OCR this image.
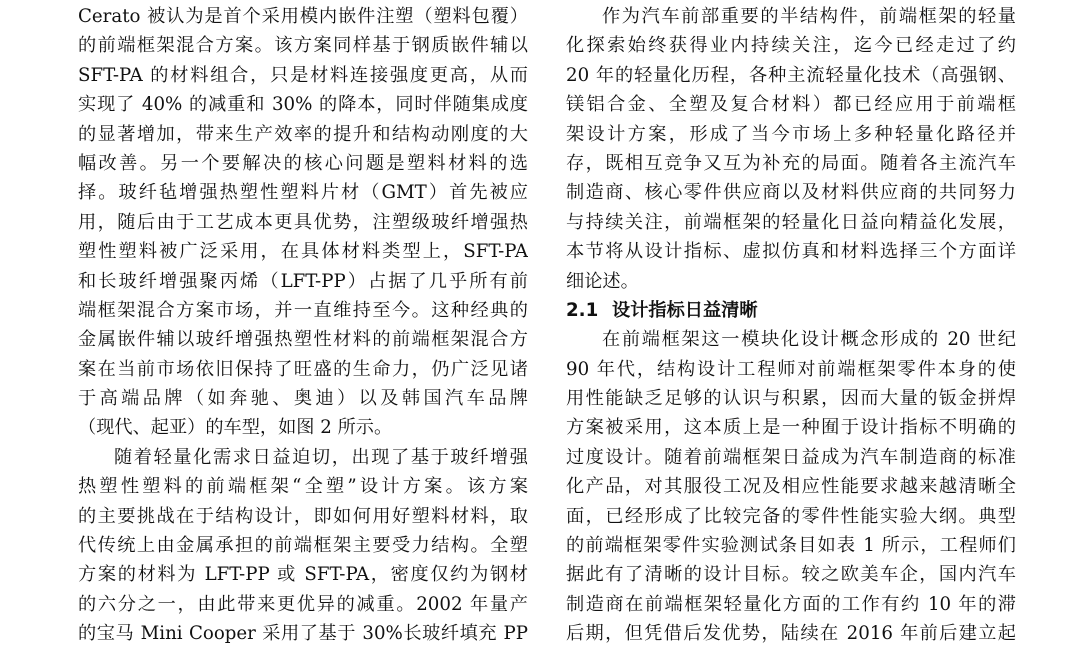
Cerato 被认为是首个采用模内嵌件注塑（塑料包覆）
的前端框架混合方案。该方案同样基于钢质嵌件辅以
SFT-PA 的材料组合，只是材料连接强度更高，从而
实现了 40% 的减重和 30% 的降本，同时伴随集成度
的显著增加，带来生产效率的提升和结构动刚度的大
幅改善。另一个要解决的核心问题是塑料材料的选
择。玻纤毡增强热塑性塑料片材（GMT）首先被应
用，随后由于工艺成本更具优势，注塑级玻纤增强热
塑性塑料被广泛采用，在具体材料类型上，SFT-PA
和长玻纤增强聚丙烯（LFT-PP）占据了几乎所有前
端框架混合方案市场，并一直维持至今。这种经典的
金属嵌件辅以玻纤增强热塑性材料的前端框架混合方
案在当前市场依旧保持了旺盛的生命力，仍广泛见诸
于高端品牌（如奔驰、奥迪）以及韩国汽车品牌
（现代、起亚）的车型，如图 2 所示。
随着轻量化需求日益迫切，出现了基于玻纤增强
热塑性塑料的前端框架“全塑”设计方案。该方案
的主要挑战在于结构设计，即如何用好塑料材料，取
代传统上由金属承担的前端框架主要受力结构。全塑
方案的材料为 LFT-PP 或 SFT-PA，密度仅约为钢材
的六分之一，由此带来更优异的减重。2002 年量产
的宝马 Mini Cooper 采用了基于 30%长玻纤填充 PP
作为汽车前部重要的半结构件，前端框架的轻量
化探索始终获得业内持续关注，迄今已经走过了约
20 年的轻量化历程，各种主流轻量化技术（高强钢、
镁铝合金、全塑及复合材料）都已经应用于前端框
架设计方案，形成了当今市场上多种轻量化路径并
存，既相互竞争又互为补充的局面。随着各主流汽车
制造商、核心零件供应商以及材料供应商的共同努力
与持续关注，前端框架的轻量化日益向精益化发展，
本节将从设计指标、虚拟仿真和材料选择三个方面详
细论述。
2.1 设计指标日益清晰
在前端框架这一模块化设计概念形成的 20 世纪
90 年代，结构设计工程师对前端框架零件本身的使
用性能缺乏足够的认识与积累，因而大量的钣金拼焊
方案被采用，这本质上是一种囿于设计指标不明确的
过度设计。随着前端框架日益成为汽车制造商的标准
化产品，对其服役工况及相应性能要求越来越清晰全
面，已经形成了比较完备的零件性能实验大纲。典型
的前端框架零件实验测试条目如表 1 所示，工程师们
据此有了清晰的设计目标。较之欧美车企，国内汽车
制造商在前端框架轻量化方面的工作有约 10 年的滞
后期，但凭借后发优势，陆续在 2016 年前后建立起
